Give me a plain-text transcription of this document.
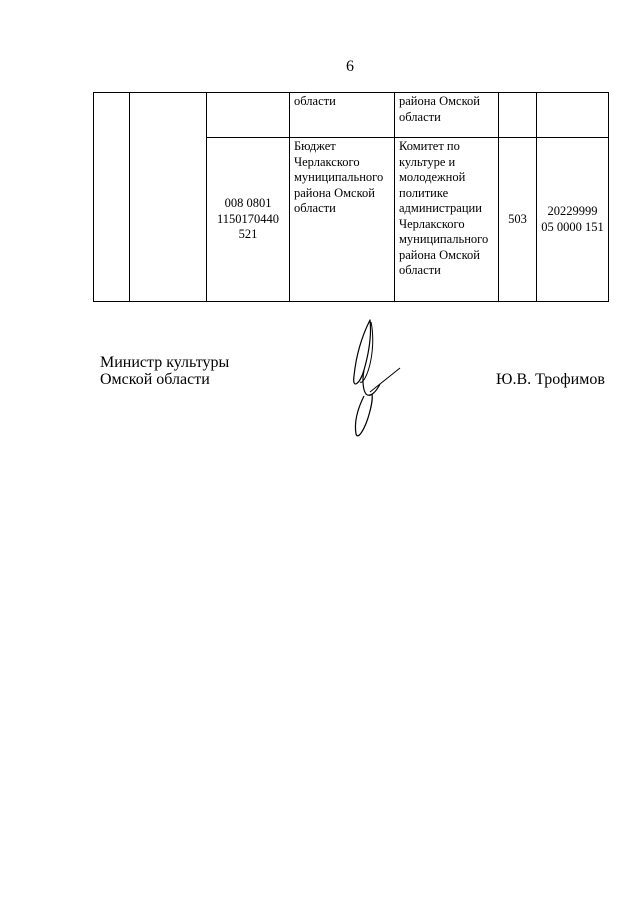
6
			области	района Омской области		
		008 0801 1150170440 521	Бюджет Черлакского муниципального района Омской области	Комитет по культуре и молодежной политике администрации Черлакского муниципального района Омской области	503	20229999 05 0000 151
Министр культуры
Омской области	Ю.В. Трофимов
